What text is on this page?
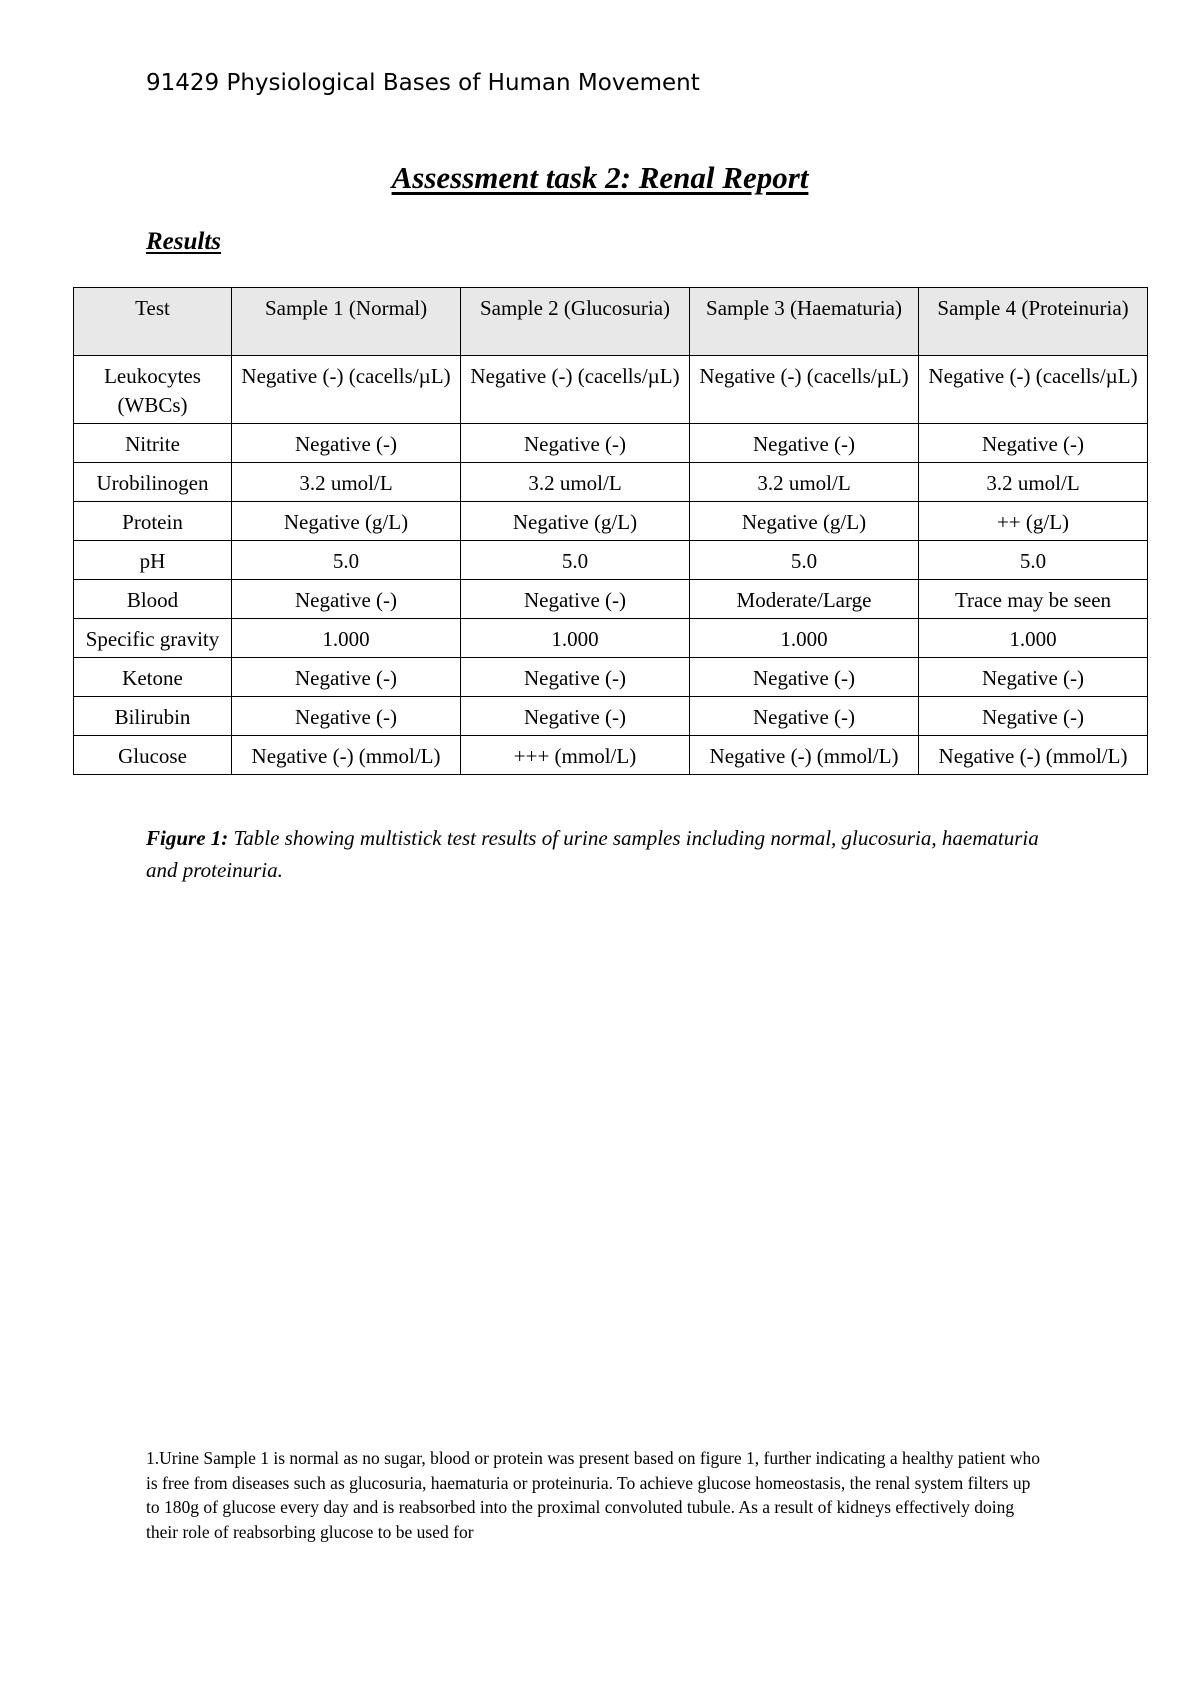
91429 Physiological Bases of Human Movement
Assessment task 2: Renal Report
Results
Test	Sample 1 (Normal)	Sample 2 (Glucosuria)	Sample 3 (Haematuria)	Sample 4 (Proteinuria)
Leukocytes (WBCs)	Negative (-) (cacells/µL)	Negative (-) (cacells/µL)	Negative (-) (cacells/µL)	Negative (-) (cacells/µL)
Nitrite	Negative (-)	Negative (-)	Negative (-)	Negative (-)
Urobilinogen	3.2 umol/L	3.2 umol/L	3.2 umol/L	3.2 umol/L
Protein	Negative (g/L)	Negative (g/L)	Negative (g/L)	++ (g/L)
pH	5.0	5.0	5.0	5.0
Blood	Negative (-)	Negative (-)	Moderate/Large	Trace may be seen
Specific gravity	1.000	1.000	1.000	1.000
Ketone	Negative (-)	Negative (-)	Negative (-)	Negative (-)
Bilirubin	Negative (-)	Negative (-)	Negative (-)	Negative (-)
Glucose	Negative (-) (mmol/L)	+++ (mmol/L)	Negative (-) (mmol/L)	Negative (-) (mmol/L)
Figure 1: Table showing multistick test results of urine samples including normal, glucosuria, haematuria and proteinuria.
1.Urine Sample 1 is normal as no sugar, blood or protein was present based on figure 1, further indicating a healthy patient who is free from diseases such as glucosuria, haematuria or proteinuria. To achieve glucose homeostasis, the renal system filters up to 180g of glucose every day and is reabsorbed into the proximal convoluted tubule. As a result of kidneys effectively doing their role of reabsorbing glucose to be used for
